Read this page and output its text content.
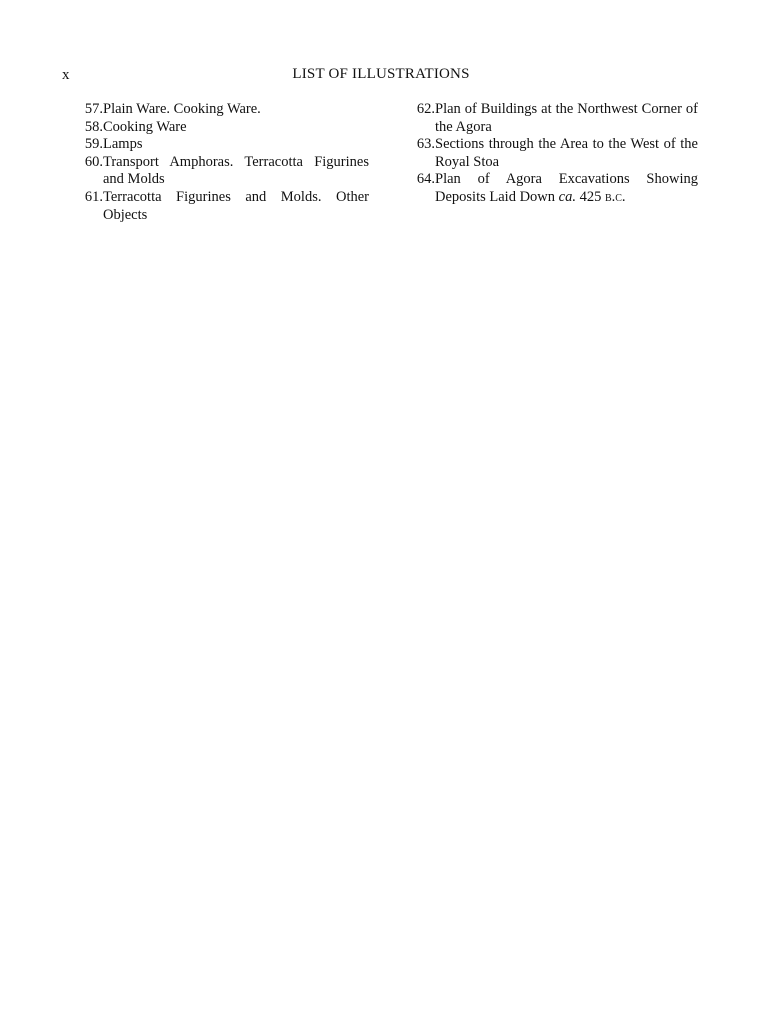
x	LIST OF ILLUSTRATIONS
57. Plain Ware. Cooking Ware.
58. Cooking Ware
59. Lamps
60. Transport Amphoras. Terracotta Figurines and Molds
61. Terracotta Figurines and Molds. Other Objects
62. Plan of Buildings at the Northwest Corner of the Agora
63. Sections through the Area to the West of the Royal Stoa
64. Plan of Agora Excavations Showing Deposits Laid Down ca. 425 b.c.
